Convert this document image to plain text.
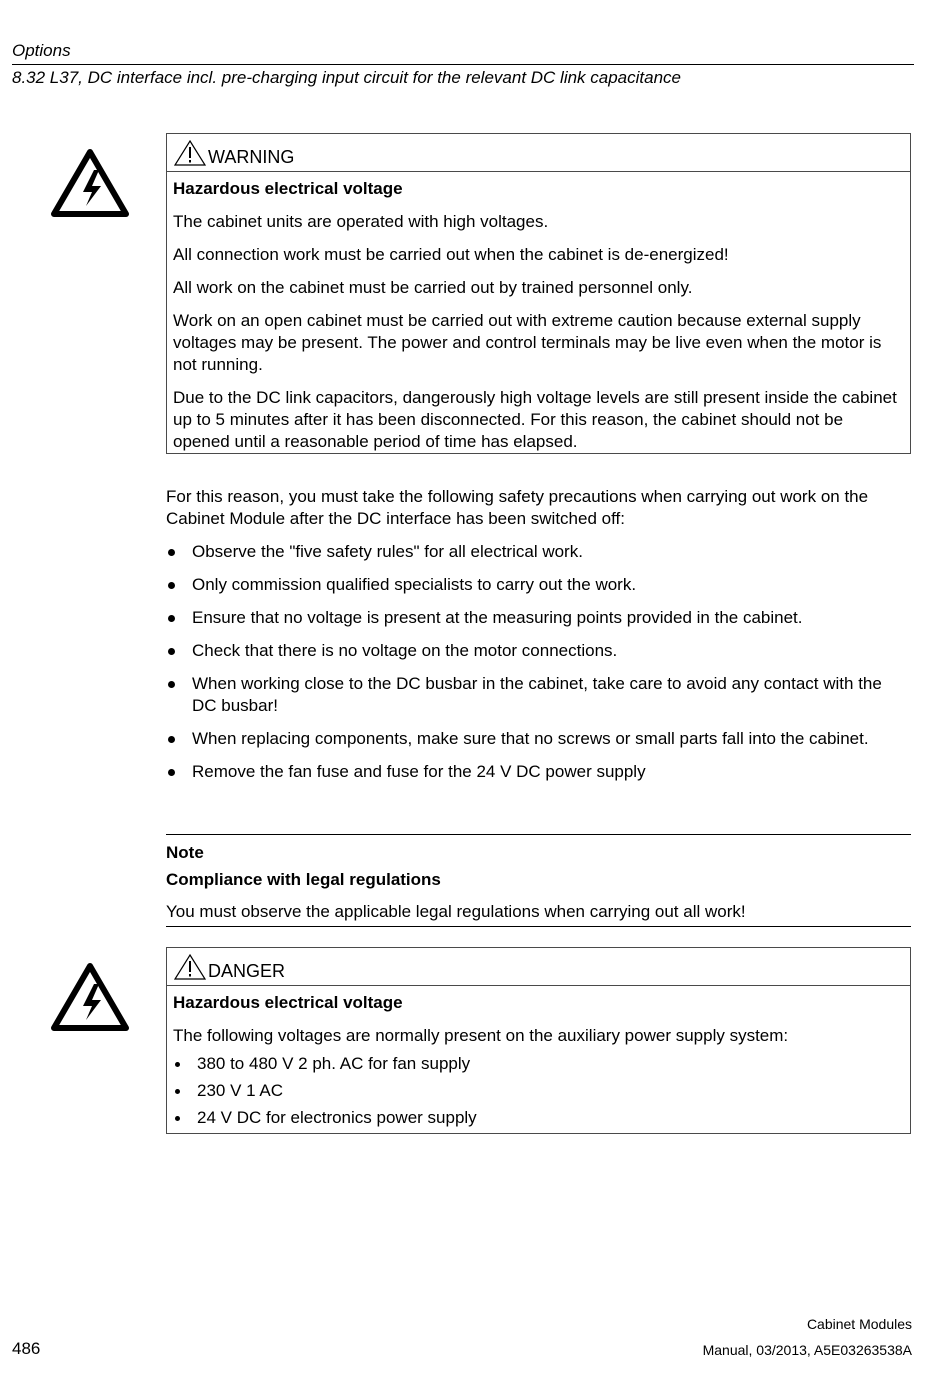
Options
8.32 L37, DC interface incl. pre-charging input circuit for the relevant DC link capacitance
WARNING

Hazardous electrical voltage

The cabinet units are operated with high voltages.

All connection work must be carried out when the cabinet is de-energized!

All work on the cabinet must be carried out by trained personnel only.

Work on an open cabinet must be carried out with extreme caution because external supply voltages may be present. The power and control terminals may be live even when the motor is not running.

Due to the DC link capacitors, dangerously high voltage levels are still present inside the cabinet up to 5 minutes after it has been disconnected. For this reason, the cabinet should not be opened until a reasonable period of time has elapsed.

For this reason, you must take the following safety precautions when carrying out work on the Cabinet Module after the DC interface has been switched off:

Observe the "five safety rules" for all electrical work.
Only commission qualified specialists to carry out the work.
Ensure that no voltage is present at the measuring points provided in the cabinet.
Check that there is no voltage on the motor connections.
When working close to the DC busbar in the cabinet, take care to avoid any contact with the DC busbar!
When replacing components, make sure that no screws or small parts fall into the cabinet.
Remove the fan fuse and fuse for the 24 V DC power supply

Note

Compliance with legal regulations

You must observe the applicable legal regulations when carrying out all work!

DANGER

Hazardous electrical voltage

The following voltages are normally present on the auxiliary power supply system:

380 to 480 V 2 ph. AC for fan supply
230 V 1 AC
24 V DC for electronics power supply
Cabinet Modules
486	Manual, 03/2013, A5E03263538A
